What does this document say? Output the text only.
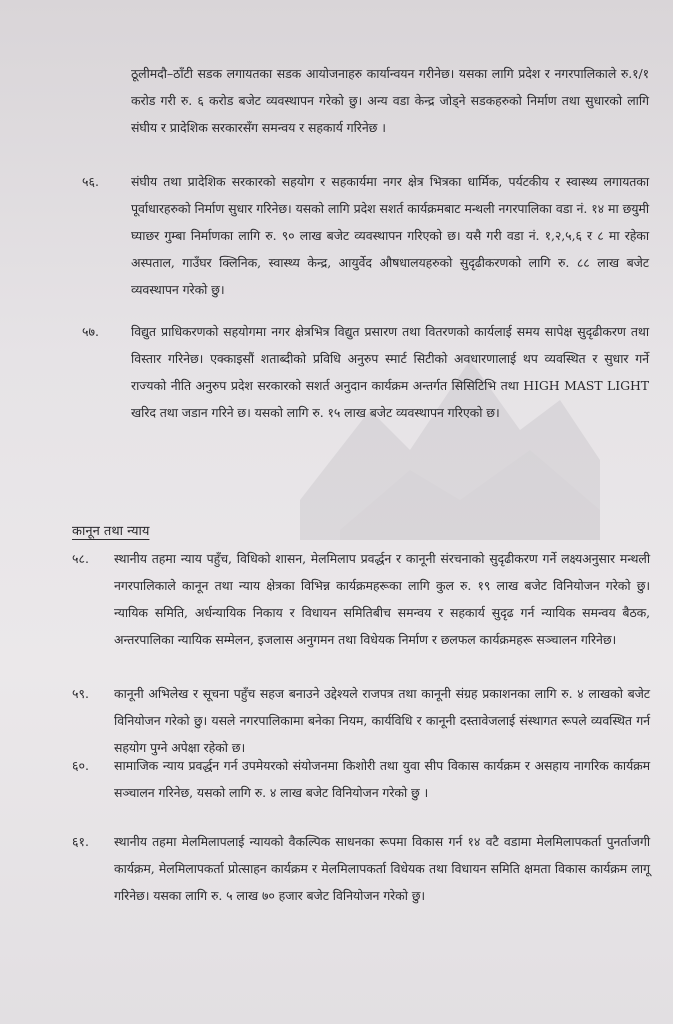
ठूलीमदौ–ठाँटी सडक लगायतका सडक आयोजनाहरु कार्यान्वयन गरीनेछ। यसका लागि प्रदेश र नगरपालिकाले रु.१/१ करोड गरी रु. ६ करोड बजेट व्यवस्थापन गरेको छु। अन्य वडा केन्द्र जोड्ने सडकहरुको निर्माण तथा सुधारको लागि संघीय र प्रादेशिक सरकारसँग समन्वय र सहकार्य गरिनेछ ।
५६.	संघीय तथा प्रादेशिक सरकारको सहयोग र सहकार्यमा नगर क्षेत्र भित्रका धार्मिक, पर्यटकीय र स्वास्थ्य लगायतका पूर्वाधारहरुको निर्माण सुधार गरिनेछ। यसको लागि प्रदेश सशर्त कार्यक्रमबाट मन्थली नगरपालिका वडा नं. १४ मा छयुमी घ्याछर गुम्बा निर्माणका लागि रु. ९० लाख बजेट व्यवस्थापन गरिएको छ। यसै गरी वडा नं. १,२,५,६ र ८ मा रहेका अस्पताल, गाउँघर क्लिनिक, स्वास्थ्य केन्द्र, आयुर्वेद औषधालयहरुको सुदृढीकरणको लागि रु. ८८ लाख बजेट व्यवस्थापन गरेको छु।
५७.	विद्युत प्राधिकरणको सहयोगमा नगर क्षेत्रभित्र विद्युत प्रसारण तथा वितरणको कार्यलाई समय सापेक्ष सुदृढीकरण तथा विस्तार गरिनेछ। एक्काइसौं शताब्दीको प्रविधि अनुरुप स्मार्ट सिटीको अवधारणालाई थप व्यवस्थित र सुधार गर्ने राज्यको नीति अनुरुप प्रदेश सरकारको सशर्त अनुदान कार्यक्रम अन्तर्गत सिसिटिभि तथा HIGH MAST LIGHT खरिद तथा जडान गरिने छ। यसको लागि रु. १५ लाख बजेट व्यवस्थापन गरिएको छ।
कानून तथा न्याय
५८. स्थानीय तहमा न्याय पहुँच, विधिको शासन, मेलमिलाप प्रवर्द्धन र कानूनी संरचनाको सुदृढीकरण गर्ने लक्ष्यअनुसार मन्थली नगरपालिकाले कानून तथा न्याय क्षेत्रका विभिन्न कार्यक्रमहरूका लागि कुल रु. १९ लाख बजेट विनियोजन गरेको छु। न्यायिक समिति, अर्धन्यायिक निकाय र विधायन समितिबीच समन्वय र सहकार्य सुदृढ गर्न न्यायिक समन्वय बैठक, अन्तरपालिका न्यायिक सम्मेलन, इजलास अनुगमन तथा विधेयक निर्माण र छलफल कार्यक्रमहरू सञ्चालन गरिनेछ।
५९. कानूनी अभिलेख र सूचना पहुँच सहज बनाउने उद्देश्यले राजपत्र तथा कानूनी संग्रह प्रकाशनका लागि रु. ४ लाखको बजेट विनियोजन गरेको छु। यसले नगरपालिकामा बनेका नियम, कार्यविधि र कानूनी दस्तावेजलाई संस्थागत रूपले व्यवस्थित गर्न सहयोग पुग्ने अपेक्षा रहेको छ।
६०. सामाजिक न्याय प्रवर्द्धन गर्न उपमेयरको संयोजनमा किशोरी तथा युवा सीप विकास कार्यक्रम र असहाय नागरिक कार्यक्रम सञ्चालन गरिनेछ, यसको लागि रु. ४ लाख बजेट विनियोजन गरेको छु ।
६१. स्थानीय तहमा मेलमिलापलाई न्यायको वैकल्पिक साधनका रूपमा विकास गर्न १४ वटै वडामा मेलमिलापकर्ता पुनर्ताजगी कार्यक्रम, मेलमिलापकर्ता प्रोत्साहन कार्यक्रम र मेलमिलापकर्ता विधेयक तथा विधायन समिति क्षमता विकास कार्यक्रम लागू गरिनेछ। यसका लागि रु. ५ लाख ७० हजार बजेट विनियोजन गरेको छु।
